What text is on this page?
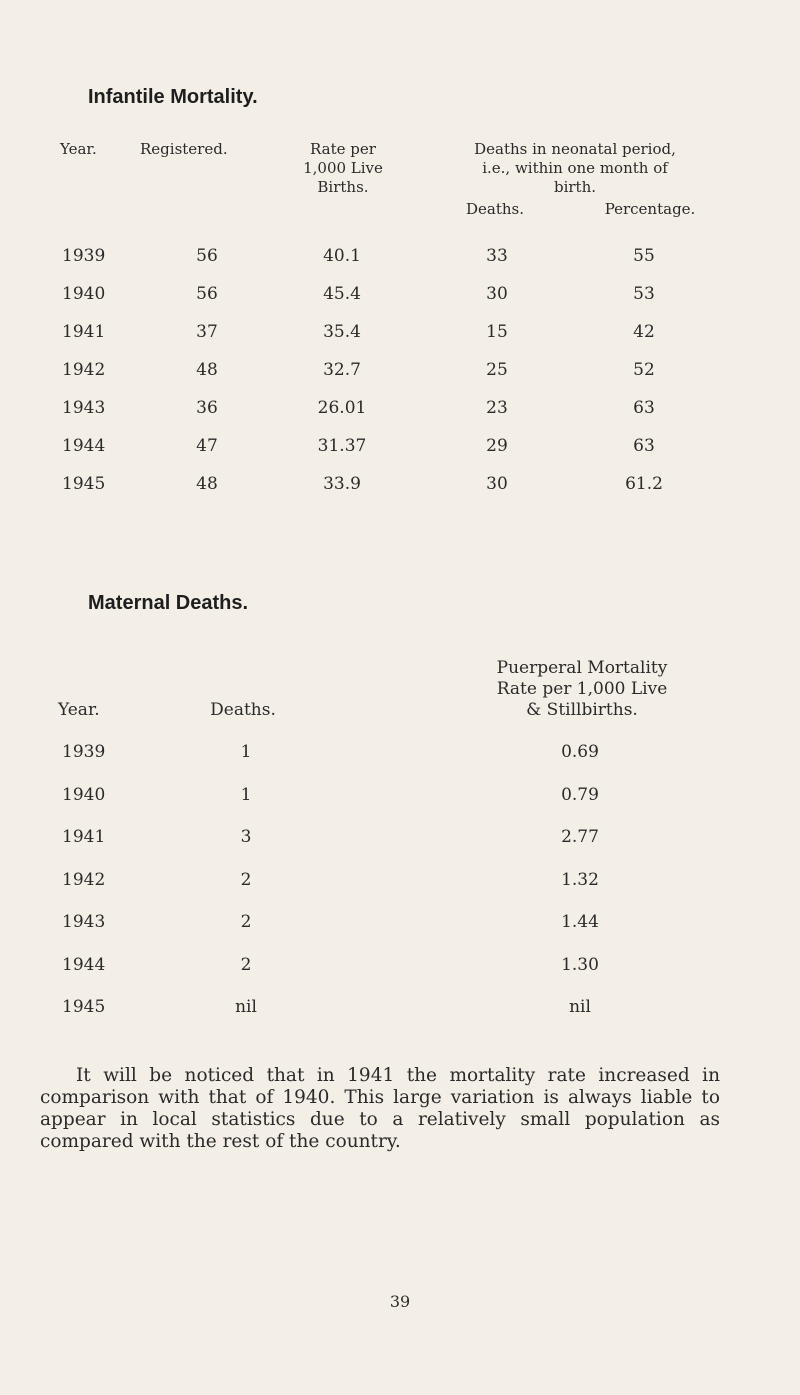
Infantile Mortality.
Year.	Registered.	Rate per
1,000 Live
Births.
Deaths in neonatal period,
i.e., within one month of
birth.
Deaths.	Percentage.
1939	56	40.1	33	55
1940	56	45.4	30	53
1941	37	35.4	15	42
1942	48	32.7	25	52
1943	36	26.01	23	63
1944	47	31.37	29	63
1945	48	33.9	30	61.2
Maternal Deaths.
Year.	Deaths.
Puerperal Mortality
Rate per 1,000 Live
& Stillbirths.
1939	1	0.69
1940	1	0.79
1941	3	2.77
1942	2	1.32
1943	2	1.44
1944	2	1.30
1945	nil	nil
It will be noticed that in 1941 the mortality rate increased in comparison with that of 1940. This large variation is always liable to appear in local statistics due to a relatively small population as compared with the rest of the country.
39
